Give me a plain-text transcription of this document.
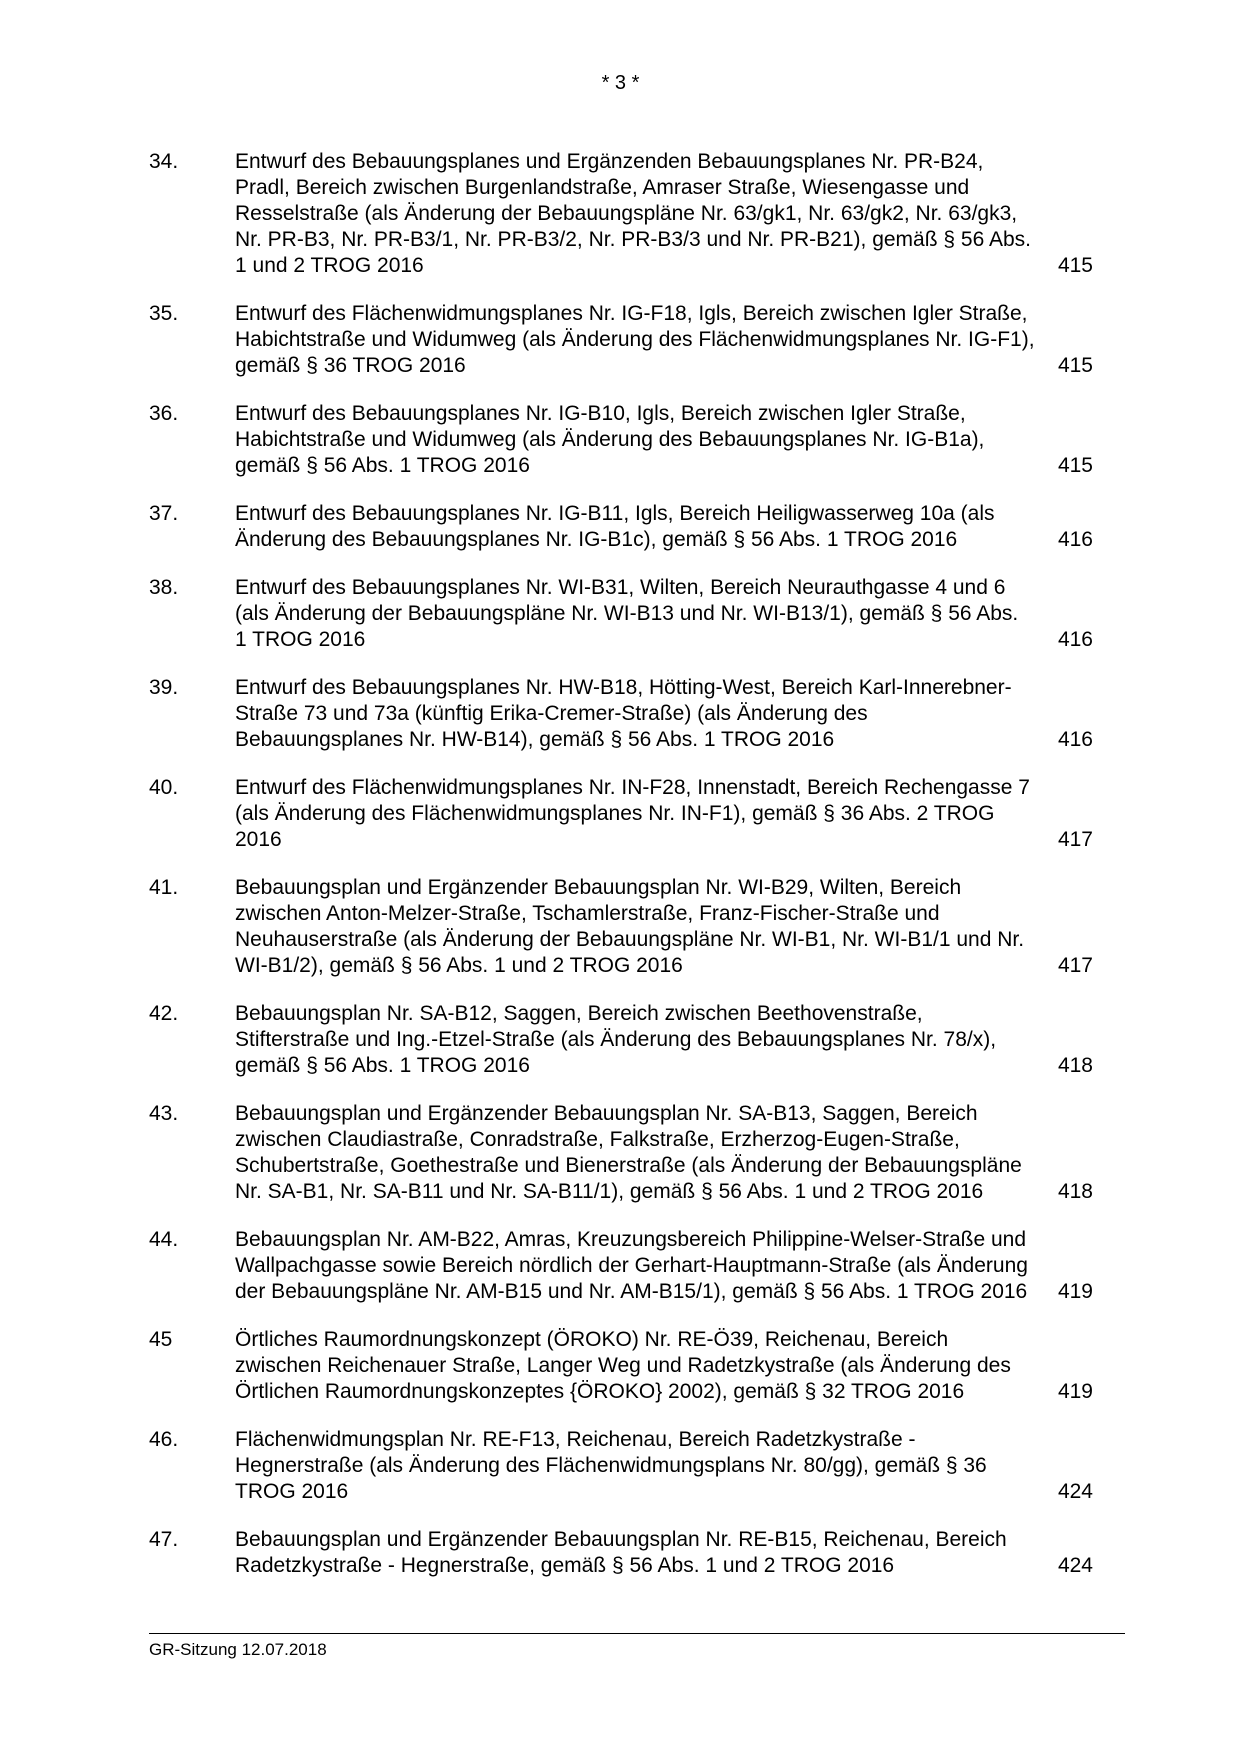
* 3 *
34.	Entwurf des Bebauungsplanes und Ergänzenden Bebauungsplanes Nr. PR-B24, Pradl, Bereich zwischen Burgenlandstraße, Amraser Straße, Wiesengasse und Resselstraße (als Änderung der Bebauungspläne Nr. 63/gk1, Nr. 63/gk2, Nr. 63/gk3, Nr. PR-B3, Nr. PR-B3/1, Nr. PR-B3/2, Nr. PR-B3/3 und Nr. PR-B21), gemäß § 56 Abs. 1 und 2 TROG 2016	415
35.	Entwurf des Flächenwidmungsplanes Nr. IG-F18, Igls, Bereich zwischen Igler Straße, Habichtstraße und Widumweg (als Änderung des Flächenwidmungsplanes Nr. IG-F1), gemäß § 36 TROG 2016	415
36.	Entwurf des Bebauungsplanes Nr. IG-B10, Igls, Bereich zwischen Igler Straße, Habichtstraße und Widumweg (als Änderung des Bebauungsplanes Nr. IG-B1a), gemäß § 56 Abs. 1 TROG 2016	415
37.	Entwurf des Bebauungsplanes Nr. IG-B11, Igls, Bereich Heiligwasserweg 10a (als Änderung des Bebauungsplanes Nr. IG-B1c), gemäß § 56 Abs. 1 TROG 2016	416
38.	Entwurf des Bebauungsplanes Nr. WI-B31, Wilten, Bereich Neurauthgasse 4 und 6 (als Änderung der Bebauungspläne Nr. WI-B13 und Nr. WI-B13/1), gemäß § 56 Abs. 1 TROG 2016	416
39.	Entwurf des Bebauungsplanes Nr. HW-B18, Hötting-West, Bereich Karl-Innerebner-Straße 73 und 73a (künftig Erika-Cremer-Straße) (als Änderung des Bebauungsplanes Nr. HW-B14), gemäß § 56 Abs. 1 TROG 2016	416
40.	Entwurf des Flächenwidmungsplanes Nr. IN-F28, Innenstadt, Bereich Rechengasse 7 (als Änderung des Flächenwidmungsplanes Nr. IN-F1), gemäß § 36 Abs. 2 TROG 2016	417
41.	Bebauungsplan und Ergänzender Bebauungsplan Nr. WI-B29, Wilten, Bereich zwischen Anton-Melzer-Straße, Tschamlerstraße, Franz-Fischer-Straße und Neuhauserstraße (als Änderung der Bebauungspläne Nr. WI-B1, Nr. WI-B1/1 und Nr. WI-B1/2), gemäß § 56 Abs. 1 und 2 TROG 2016	417
42.	Bebauungsplan Nr. SA-B12, Saggen, Bereich zwischen Beethovenstraße, Stifterstraße und Ing.-Etzel-Straße (als Änderung des Bebauungsplanes Nr. 78/x), gemäß § 56 Abs. 1 TROG 2016	418
43.	Bebauungsplan und Ergänzender Bebauungsplan Nr. SA-B13, Saggen, Bereich zwischen Claudiastraße, Conradstraße, Falkstraße, Erzherzog-Eugen-Straße, Schubertstraße, Goethestraße und Bienerstraße (als Änderung der Bebauungspläne Nr. SA-B1, Nr. SA-B11 und Nr. SA-B11/1), gemäß § 56 Abs. 1 und 2 TROG 2016	418
44.	Bebauungsplan Nr. AM-B22, Amras, Kreuzungsbereich Philippine-Welser-Straße und Wallpachgasse sowie Bereich nördlich der Gerhart-Hauptmann-Straße (als Änderung der Bebauungspläne Nr. AM-B15 und Nr. AM-B15/1), gemäß § 56 Abs. 1 TROG 2016	419
45	Örtliches Raumordnungskonzept (ÖROKO) Nr. RE-Ö39, Reichenau, Bereich zwischen Reichenauer Straße, Langer Weg und Radetzkystraße (als Änderung des Örtlichen Raumordnungskonzeptes {ÖROKO} 2002), gemäß § 32 TROG 2016	419
46.	Flächenwidmungsplan Nr. RE-F13, Reichenau, Bereich Radetzkystraße - Hegnerstraße (als Änderung des Flächenwidmungsplans Nr. 80/gg), gemäß § 36 TROG 2016	424
47.	Bebauungsplan und Ergänzender Bebauungsplan Nr. RE-B15, Reichenau, Bereich Radetzkystraße - Hegnerstraße, gemäß § 56 Abs. 1 und 2 TROG 2016	424
GR-Sitzung 12.07.2018
